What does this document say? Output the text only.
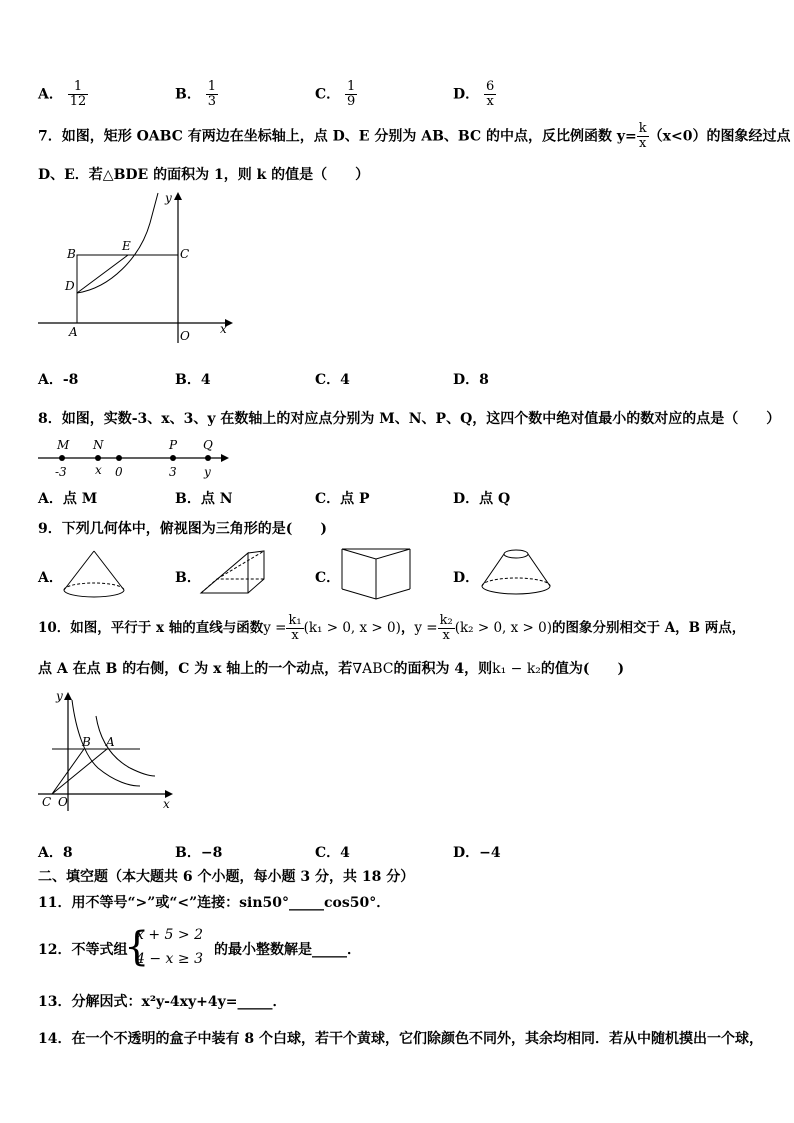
A． $\frac{1}{12}$	B． $\frac{1}{3}$	C． $\frac{1}{9}$	D． $\frac{6}{x}$
7．如图，矩形 OABC 有两边在坐标轴上，点 D、E 分别为 AB、BC 的中点，反比例函数 $y= \frac{k}{x} (x<0)$的图象经过点
D、E．若△BDE 的面积为 1，则 k 的值是（　　）
y
x
B
E
C
D
A	O
A．-8	B．4	C．4	D．8
8．如图，实数-3、x、3、y 在数轴上的对应点分别为 M、N、P、Q，这四个数中绝对值最小的数对应的点是（　　）
M N	P Q
-3 x 0	3 y
A．点 M	B．点 N	C．点 P	D．点 Q
9．下列几何体中，俯视图为三角形的是(　　)
A．	B．	C．	D．
10．如图，平行于 x 轴的直线与函数$y = \frac{\text{k₁}}{x} (k_1 > 0$, x > 0)，$y = \frac{\text{k₂}}{x} (k_2 > 0$, x > 0)的图象分别相交于 A，B 两点，
点 A 在点 B 的右侧，C 为 x 轴上的一个动点，若∇ABC的面积为 4，则k₁ − k₂的值为(　　)
y
B A
C O	x
A．8	B．−8	C．4	D．−4
二、填空题（本大题共 6 个小题，每小题 3 分，共 18 分）
11．用不等号“>”或“<”连接：sin50°_____cos50°．
12．不等式组
{
x + 5 > 2
4 − x ≥ 3
的最小整数解是_____．
13．分解因式：x²y-4xy+4y=_____．
14．在一个不透明的盒子中装有 8 个白球，若干个黄球，它们除颜色不同外，其余均相同．若从中随机摸出一个球，
